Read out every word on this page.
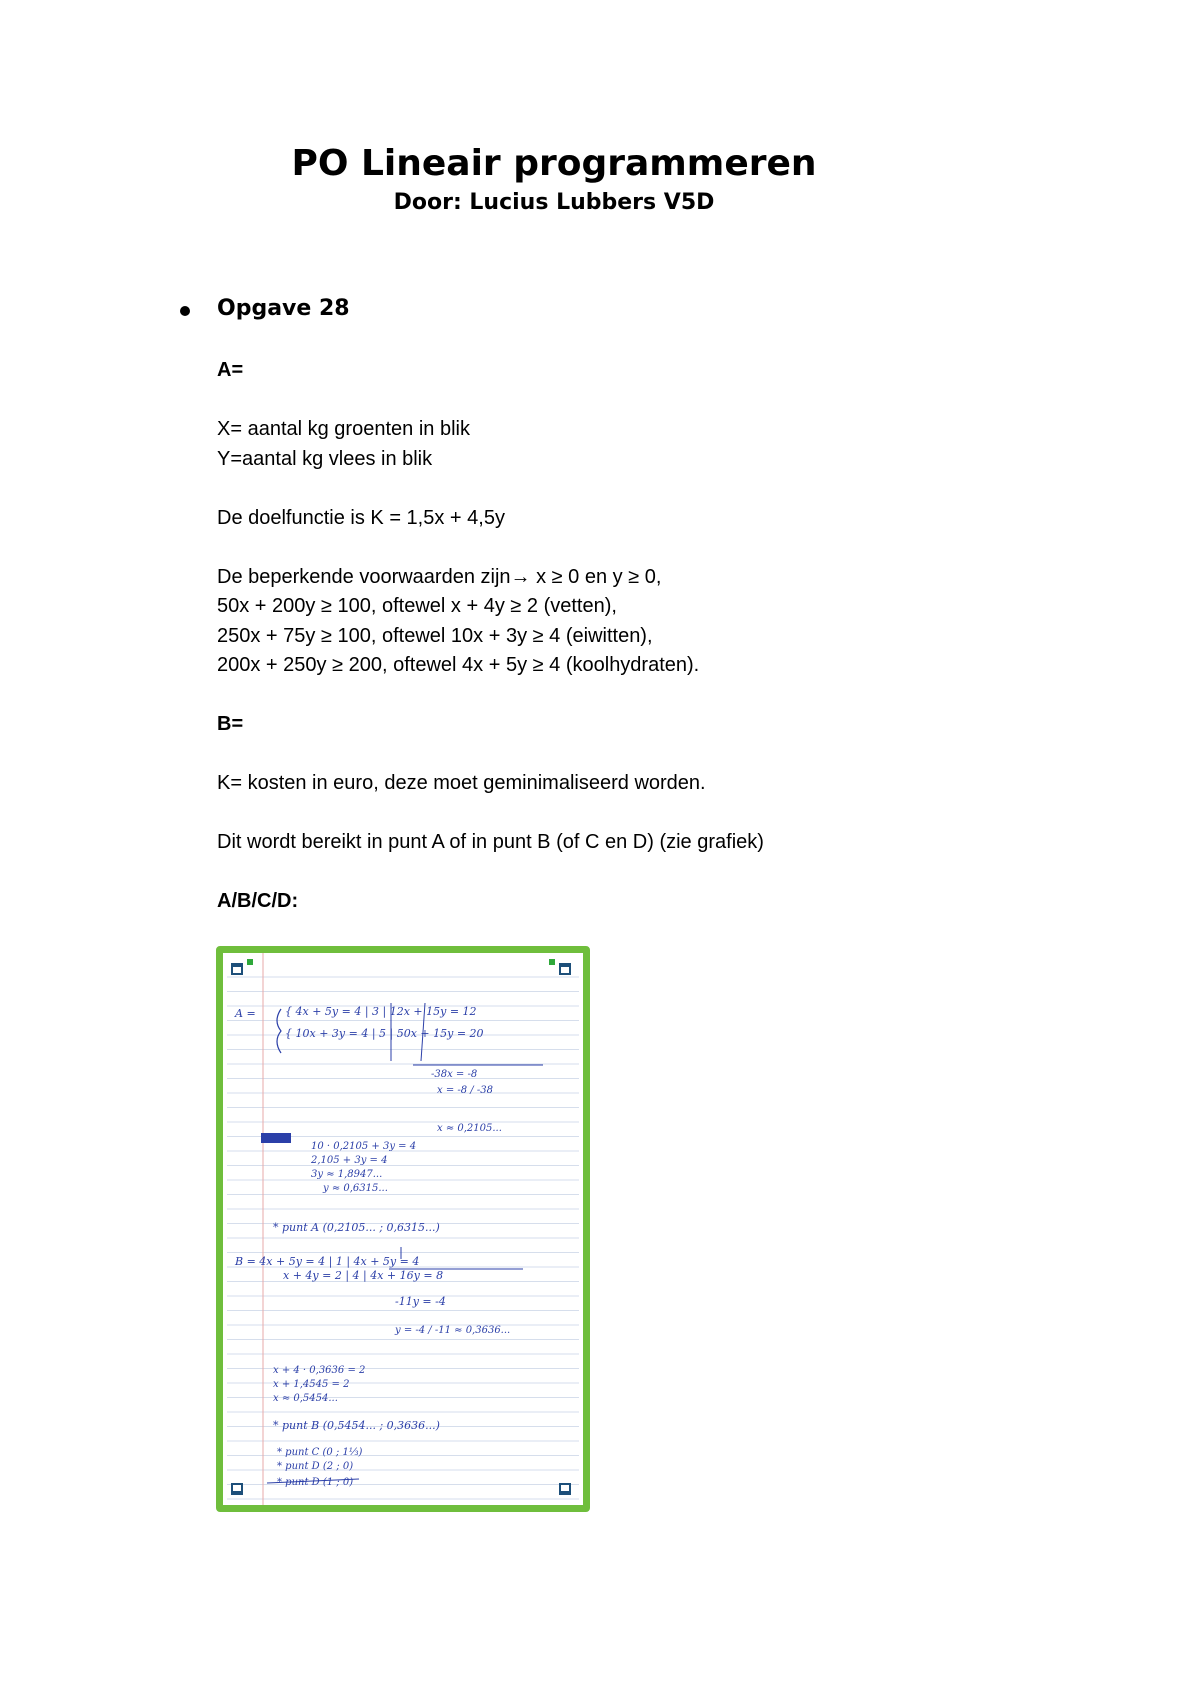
PO Lineair programmeren

Door: Lucius Lubbers V5D

Opgave 28
A=
X= aantal kg groenten in blik
Y=aantal kg vlees in blik
De doelfunctie is K = 1,5x + 4,5y
De beperkende voorwaarden zijn→ x ≥ 0 en y ≥ 0,
50x + 200y ≥ 100, oftewel x + 4y ≥ 2 (vetten),
250x + 75y ≥ 100, oftewel 10x + 3y ≥ 4 (eiwitten),
200x + 250y ≥ 200, oftewel 4x + 5y ≥ 4 (koolhydraten).
B=
K= kosten in euro, deze moet geminimaliseerd worden.
Dit wordt bereikt in punt A of in punt B (of C en D) (zie grafiek)
A/B/C/D:
A =	{ 4x + 5y = 4 | 3 | 12x + 15y = 12
{ 10x + 3y = 4 | 5 | 50x + 15y = 20
-38x = -8
x = -8 / -38
x ≈ 0,2105...
10 · 0,2105 + 3y = 4
2,105 + 3y = 4
3y ≈ 1,8947...
y ≈ 0,6315...
* punt A (0,2105... ; 0,6315...)
B = 4x + 5y = 4 | 1 | 4x + 5y = 4
x + 4y = 2 | 4 | 4x + 16y = 8
-11y = -4
y = -4 / -11 ≈ 0,3636...
x + 4 · 0,3636 = 2
x + 1,4545 = 2
x ≈ 0,5454...
* punt B (0,5454... ; 0,3636...)
* punt C (0 ; 1⅓)
* punt D (2 ; 0)
* punt D (1 ; 0)
